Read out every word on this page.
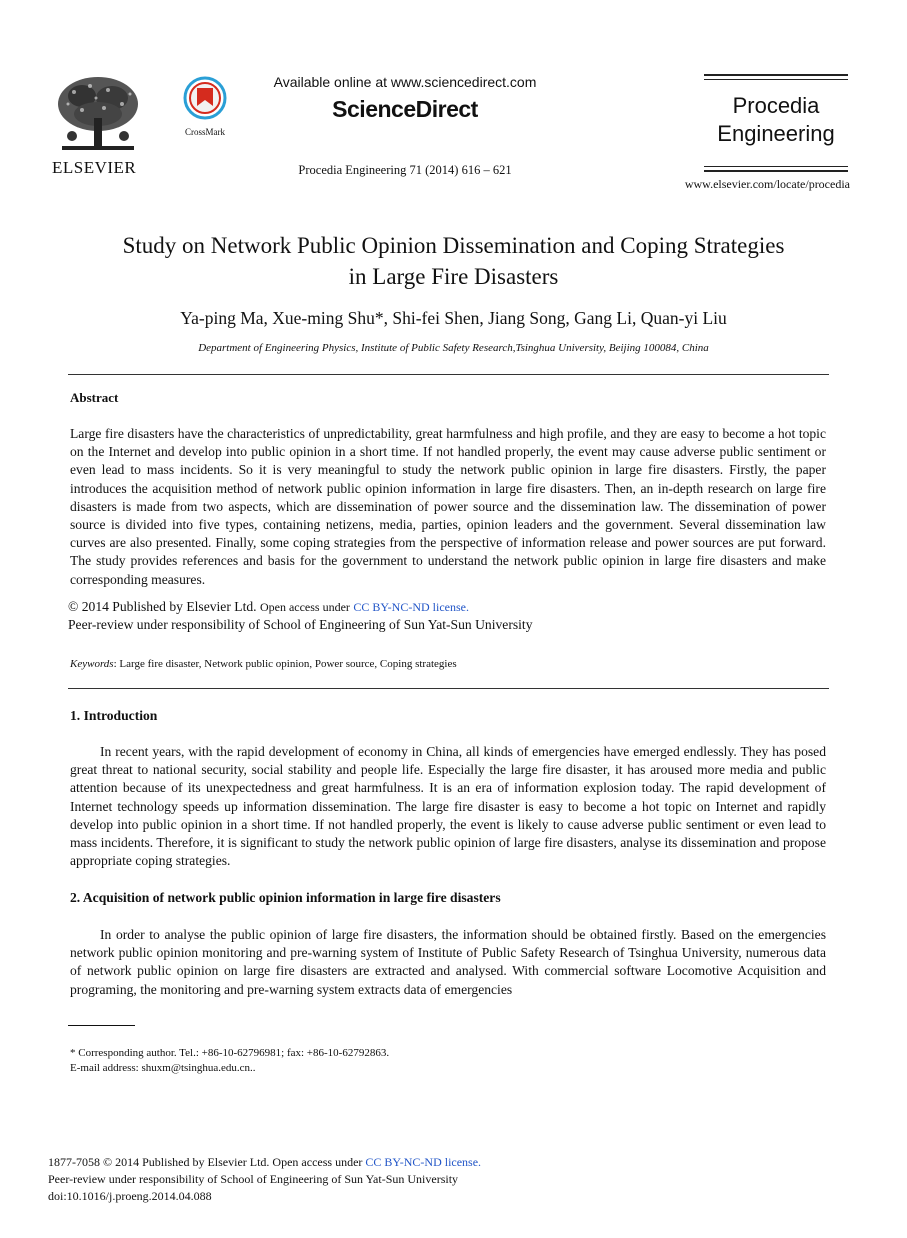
ELSEVIER
CrossMark
Available online at www.sciencedirect.com
ScienceDirect
Procedia Engineering 71 (2014) 616 – 621
Procedia
Engineering
www.elsevier.com/locate/procedia
Study on Network Public Opinion Dissemination and Coping Strategies
in Large Fire Disasters
Ya-ping Ma, Xue-ming Shu*, Shi-fei Shen, Jiang Song, Gang Li, Quan-yi Liu
Department of Engineering Physics, Institute of Public Safety Research,Tsinghua University, Beijing 100084, China
Abstract
Large fire disasters have the characteristics of unpredictability, great harmfulness and high profile, and they are easy to become a hot topic on the Internet and develop into public opinion in a short time. If not handled properly, the event may cause adverse public sentiment or even lead to mass incidents. So it is very meaningful to study the network public opinion in large fire disasters. Firstly, the paper introduces the acquisition method of network public opinion information in large fire disasters. Then, an in-depth research on large fire disasters is made from two aspects, which are dissemination of power source and the dissemination law. The dissemination of power source is divided into five types, containing netizens, media, parties, opinion leaders and the government. Several dissemination law curves are also presented. Finally, some coping strategies from the perspective of information release and power sources are put forward. The study provides references and basis for the government to understand the network public opinion in large fire disasters and make corresponding measures.
© 2014 Published by Elsevier Ltd. Open access under CC BY-NC-ND license.
Peer-review under responsibility of School of Engineering of Sun Yat-Sun University
Keywords: Large fire disaster, Network public opinion, Power source, Coping strategies
1. Introduction
In recent years, with the rapid development of economy in China, all kinds of emergencies have emerged endlessly. They has posed great threat to national security, social stability and people life. Especially the large fire disaster, it has aroused more media and public attention because of its unexpectedness and great harmfulness. It is an era of information explosion today. The rapid development of Internet technology speeds up information dissemination. The large fire disaster is easy to become a hot topic on Internet and rapidly develop into public opinion in a short time. If not handled properly, the event is likely to cause adverse public sentiment or even lead to mass incidents. Therefore, it is significant to study the network public opinion of large fire disasters, analyse its dissemination and propose appropriate coping strategies.
2. Acquisition of network public opinion information in large fire disasters
In order to analyse the public opinion of large fire disasters, the information should be obtained firstly. Based on the emergencies network public opinion monitoring and pre-warning system of Institute of Public Safety Research of Tsinghua University, numerous data of network public opinion on large fire disasters are extracted and analysed. With commercial software Locomotive Acquisition and programing, the monitoring and pre-warning system extracts data of emergencies
* Corresponding author. Tel.: +86-10-62796981; fax: +86-10-62792863.
E-mail address: shuxm@tsinghua.edu.cn..
1877-7058 © 2014 Published by Elsevier Ltd. Open access under CC BY-NC-ND license.
Peer-review under responsibility of School of Engineering of Sun Yat-Sun University
doi:10.1016/j.proeng.2014.04.088
